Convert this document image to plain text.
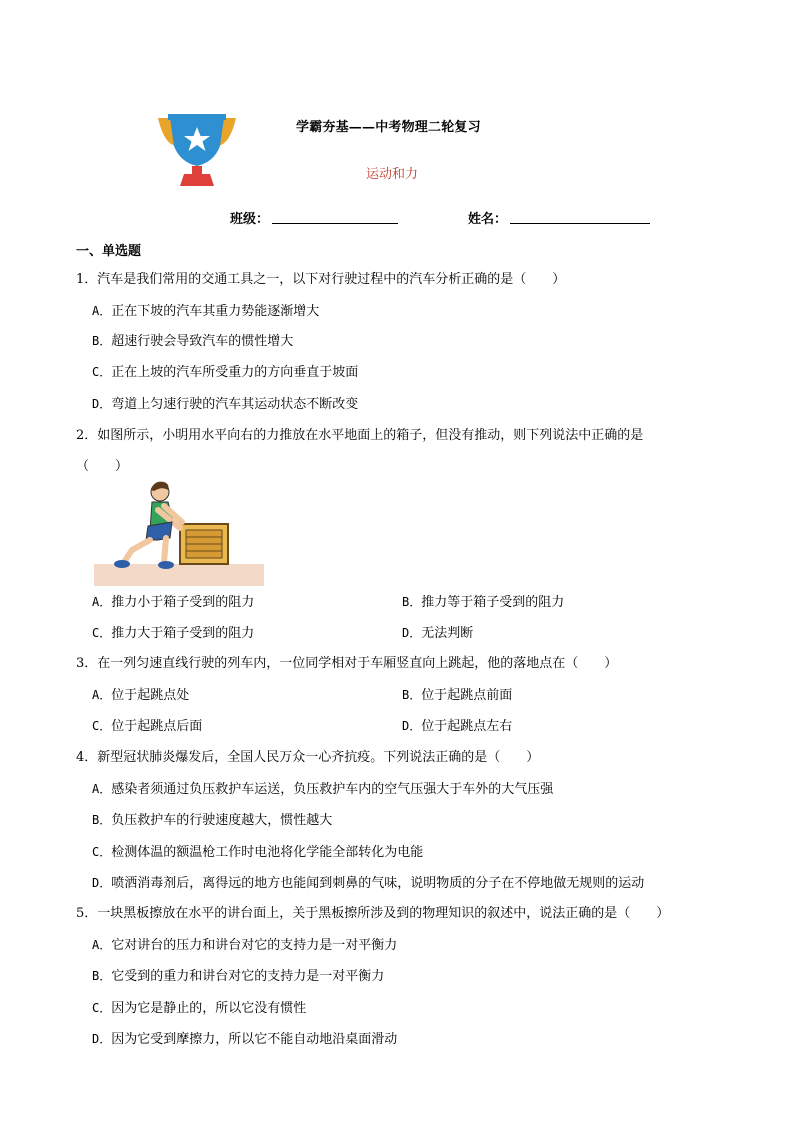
学霸夯基——中考物理二轮复习
运动和力
班级：	姓名：
一、单选题
1．汽车是我们常用的交通工具之一，以下对行驶过程中的汽车分析正确的是（　　）
A．正在下坡的汽车其重力势能逐渐增大
B．超速行驶会导致汽车的惯性增大
C．正在上坡的汽车所受重力的方向垂直于坡面
D．弯道上匀速行驶的汽车其运动状态不断改变
2．如图所示，小明用水平向右的力推放在水平地面上的箱子，但没有推动，则下列说法中正确的是
（　　）
A．推力小于箱子受到的阻力	B．推力等于箱子受到的阻力
C．推力大于箱子受到的阻力	D．无法判断
3．在一列匀速直线行驶的列车内，一位同学相对于车厢竖直向上跳起，他的落地点在（　　）
A．位于起跳点处	B．位于起跳点前面
C．位于起跳点后面	D．位于起跳点左右
4．新型冠状肺炎爆发后，全国人民万众一心齐抗疫。下列说法正确的是（　　）
A．感染者须通过负压救护车运送，负压救护车内的空气压强大于车外的大气压强
B．负压救护车的行驶速度越大，惯性越大
C．检测体温的额温枪工作时电池将化学能全部转化为电能
D．喷洒消毒剂后，离得远的地方也能闻到刺鼻的气味，说明物质的分子在不停地做无规则的运动
5．一块黑板擦放在水平的讲台面上，关于黑板擦所涉及到的物理知识的叙述中，说法正确的是（　　）
A．它对讲台的压力和讲台对它的支持力是一对平衡力
B．它受到的重力和讲台对它的支持力是一对平衡力
C．因为它是静止的，所以它没有惯性
D．因为它受到摩擦力，所以它不能自动地沿桌面滑动
